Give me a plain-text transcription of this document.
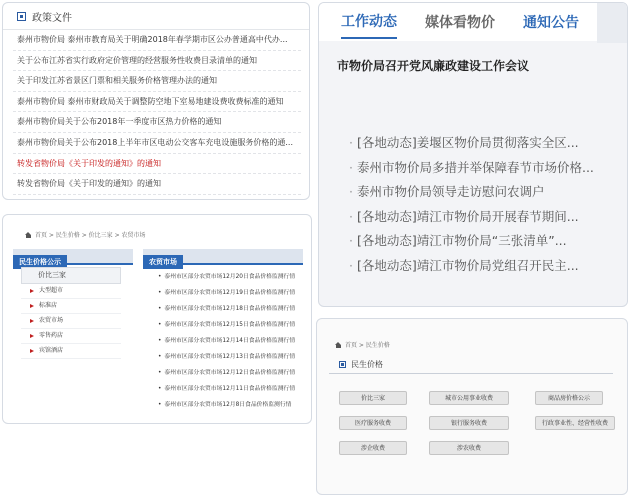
政策文件
泰州市物价局 泰州市教育局关于明确2018年春学期市区公办普通高中代办...
关于公布江苏省实行政府定价管理的经营服务性收费目录清单的通知
关于印发江苏省景区门票和相关服务价格管理办法的通知
泰州市物价局 泰州市财政局关于调整防空地下室易地建设费收费标准的通知
泰州市物价局关于公布2018年一季度市区热力价格的通知
泰州市物价局关于公布2018上半年市区电动公交客车充电设施服务价格的通...
转发省物价局《关于印发的通知》的通知
转发省物价局《关于印发的通知》的通知
工作动态 媒体看物价 通知公告
市物价局召开党风廉政建设工作会议
· [各地动态]姜堰区物价局贯彻落实全区...
· 泰州市物价局多措并举保障春节市场价格...
· 泰州市物价局领导走访慰问农调户
· [各地动态]靖江市物价局开展春节期间...
· [各地动态]靖江市物价局“三张清单”...
· [各地动态]靖江市物价局党组召开民主...
首页 > 民生价格 > 价比三家 > 农贸市场
民生价格公示	农贸市场
价比三家
大型超市
标准店
农贸市场
零售药店
宾馆酒店
• 泰州市区部分农贸市场12月20日食品价格监测行情
• 泰州市区部分农贸市场12月19日食品价格监测行情
• 泰州市区部分农贸市场12月18日食品价格监测行情
• 泰州市区部分农贸市场12月15日食品价格监测行情
• 泰州市区部分农贸市场12月14日食品价格监测行情
• 泰州市区部分农贸市场12月13日食品价格监测行情
• 泰州市区部分农贸市场12月12日食品价格监测行情
• 泰州市区部分农贸市场12月11日食品价格监测行情
• 泰州市区部分农贸市场12月8日食品价格监测行情
首页 > 民生价格
民生价格
价比三家	城市公用事业收费	商品房价格公示
医疗服务收费	银行服务收费	行政事业性、经营性收费
涉企收费	涉农收费
